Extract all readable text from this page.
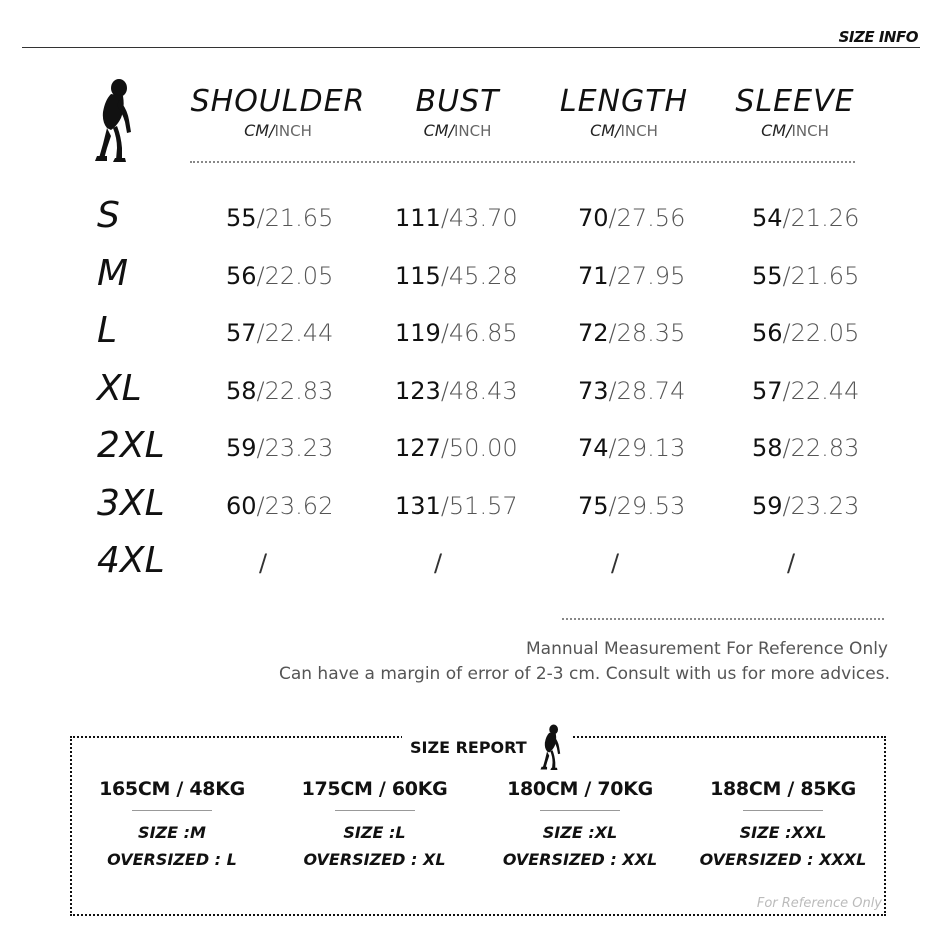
SIZE INFO
SHOULDER
CM/INCH
BUST
CM/INCH
LENGTH
CM/INCH
SLEEVE
CM/INCH
S	55/21.65	111/43.70	70/27.56	54/21.26
M	56/22.05	115/45.28	71/27.95	55/21.65
L	57/22.44	119/46.85	72/28.35	56/22.05
XL	58/22.83	123/48.43	73/28.74	57/22.44
2XL	59/23.23	127/50.00	74/29.13	58/22.83
3XL	60/23.62	131/51.57	75/29.53	59/23.23
4XL	/	/	/	/
Mannual Measurement For Reference Only
Can have a margin of error of 2-3 cm. Consult with us for more advices.
SIZE REPORT
165CM / 48KG
SIZE :M
OVERSIZED : L
175CM / 60KG
SIZE :L
OVERSIZED : XL
180CM / 70KG
SIZE :XL
OVERSIZED : XXL
188CM / 85KG
SIZE :XXL
OVERSIZED : XXXL
For Reference Only
